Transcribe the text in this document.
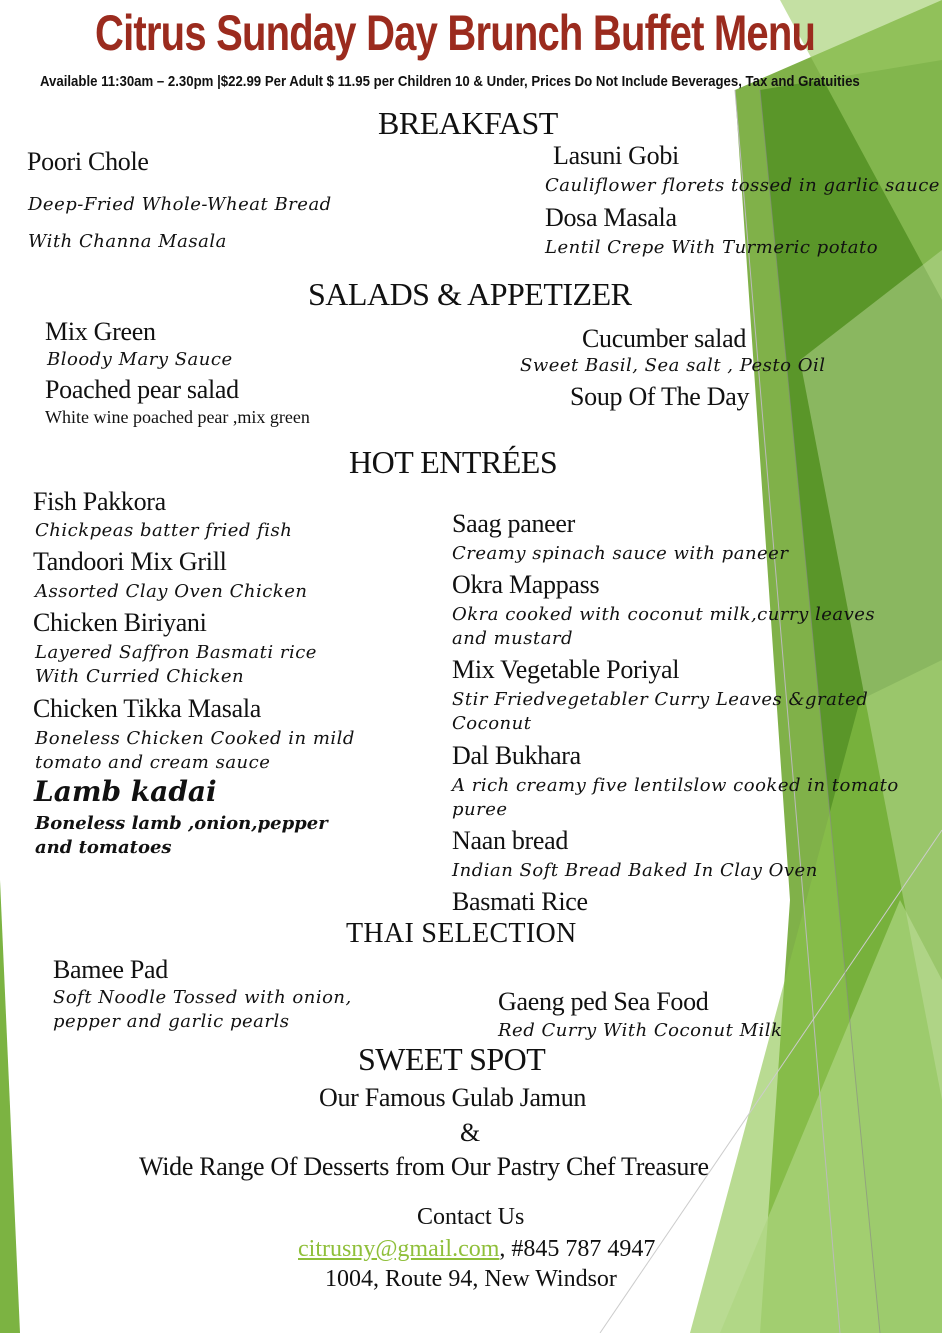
Citrus Sunday Day Brunch Buffet Menu
Available 11:30am – 2.30pm |$22.99 Per Adult $ 11.95 per Children 10 & Under, Prices Do Not Include Beverages, Tax and Gratuities
BREAKFAST
Poori Chole
Deep-Fried Whole-Wheat Bread
With Channa Masala
Lasuni Gobi
Cauliflower florets tossed in garlic sauce
Dosa Masala
Lentil Crepe With Turmeric potato
SALADS & APPETIZER
Mix Green
Bloody Mary Sauce
Poached pear salad
White wine poached pear ,mix green
Cucumber salad
Sweet Basil, Sea salt , Pesto Oil
Soup Of The Day
HOT ENTRÉES
Fish Pakkora
Chickpeas batter fried fish
Tandoori Mix Grill
Assorted Clay Oven Chicken
Chicken Biriyani
Layered Saffron Basmati rice
With Curried Chicken
Chicken Tikka Masala
Boneless Chicken Cooked in mild
tomato and cream sauce
Lamb kadai
Boneless lamb ,onion,pepper
and tomatoes
Saag paneer
Creamy spinach sauce with paneer
Okra Mappass
Okra cooked with coconut milk,curry leaves
and mustard
Mix Vegetable Poriyal
Stir Friedvegetabler Curry Leaves &grated
Coconut
Dal Bukhara
A rich creamy five lentilslow cooked in tomato
puree
Naan bread
Indian Soft Bread Baked In Clay Oven
Basmati Rice
THAI SELECTION
Bamee Pad
Soft Noodle Tossed with onion,
pepper and garlic pearls
Gaeng ped Sea Food
Red Curry With Coconut Milk
SWEET SPOT
Our Famous Gulab Jamun
&
Wide Range Of Desserts from Our Pastry Chef Treasure
Contact Us
citrusny@gmail.com, #845 787 4947
1004, Route 94, New Windsor
